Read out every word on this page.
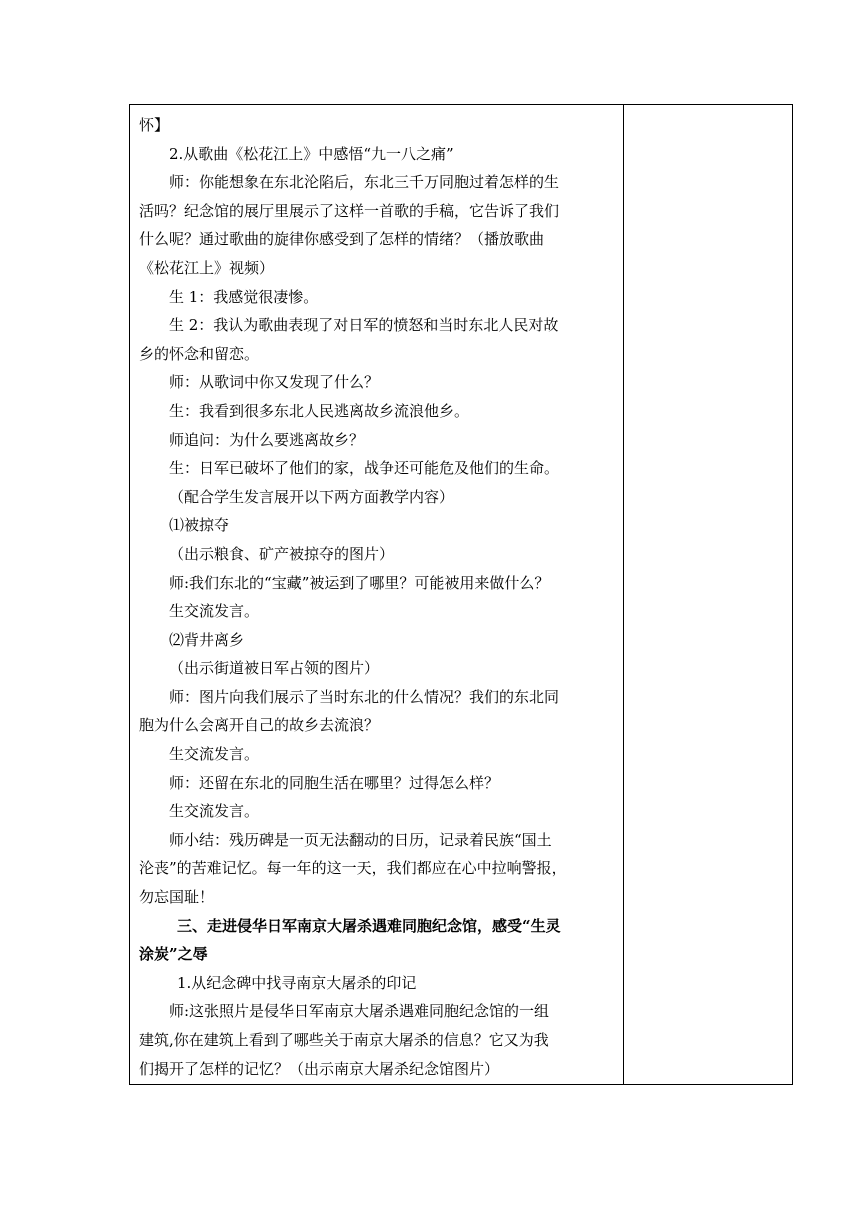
怀】
2.从歌曲《松花江上》中感悟“九一八之痛”
师：你能想象在东北沦陷后，东北三千万同胞过着怎样的生
活吗？纪念馆的展厅里展示了这样一首歌的手稿，它告诉了我们
什么呢？通过歌曲的旋律你感受到了怎样的情绪？（播放歌曲
《松花江上》视频）
生 1：我感觉很凄惨。
生 2：我认为歌曲表现了对日军的愤怒和当时东北人民对故
乡的怀念和留恋。
师：从歌词中你又发现了什么？
生：我看到很多东北人民逃离故乡流浪他乡。
师追问：为什么要逃离故乡？
生：日军已破坏了他们的家，战争还可能危及他们的生命。
（配合学生发言展开以下两方面教学内容）
⑴被掠夺
（出示粮食、矿产被掠夺的图片）
师:我们东北的“宝藏”被运到了哪里？可能被用来做什么？
生交流发言。
⑵背井离乡
（出示街道被日军占领的图片）
师：图片向我们展示了当时东北的什么情况？我们的东北同
胞为什么会离开自己的故乡去流浪？
生交流发言。
师：还留在东北的同胞生活在哪里？过得怎么样？
生交流发言。
师小结：残历碑是一页无法翻动的日历，记录着民族“国土
沦丧”的苦难记忆。每一年的这一天，我们都应在心中拉响警报，
勿忘国耻！
三、走进侵华日军南京大屠杀遇难同胞纪念馆，感受“生灵
涂炭”之辱
1.从纪念碑中找寻南京大屠杀的印记
师:这张照片是侵华日军南京大屠杀遇难同胞纪念馆的一组
建筑,你在建筑上看到了哪些关于南京大屠杀的信息？它又为我
们揭开了怎样的记忆？（出示南京大屠杀纪念馆图片）
